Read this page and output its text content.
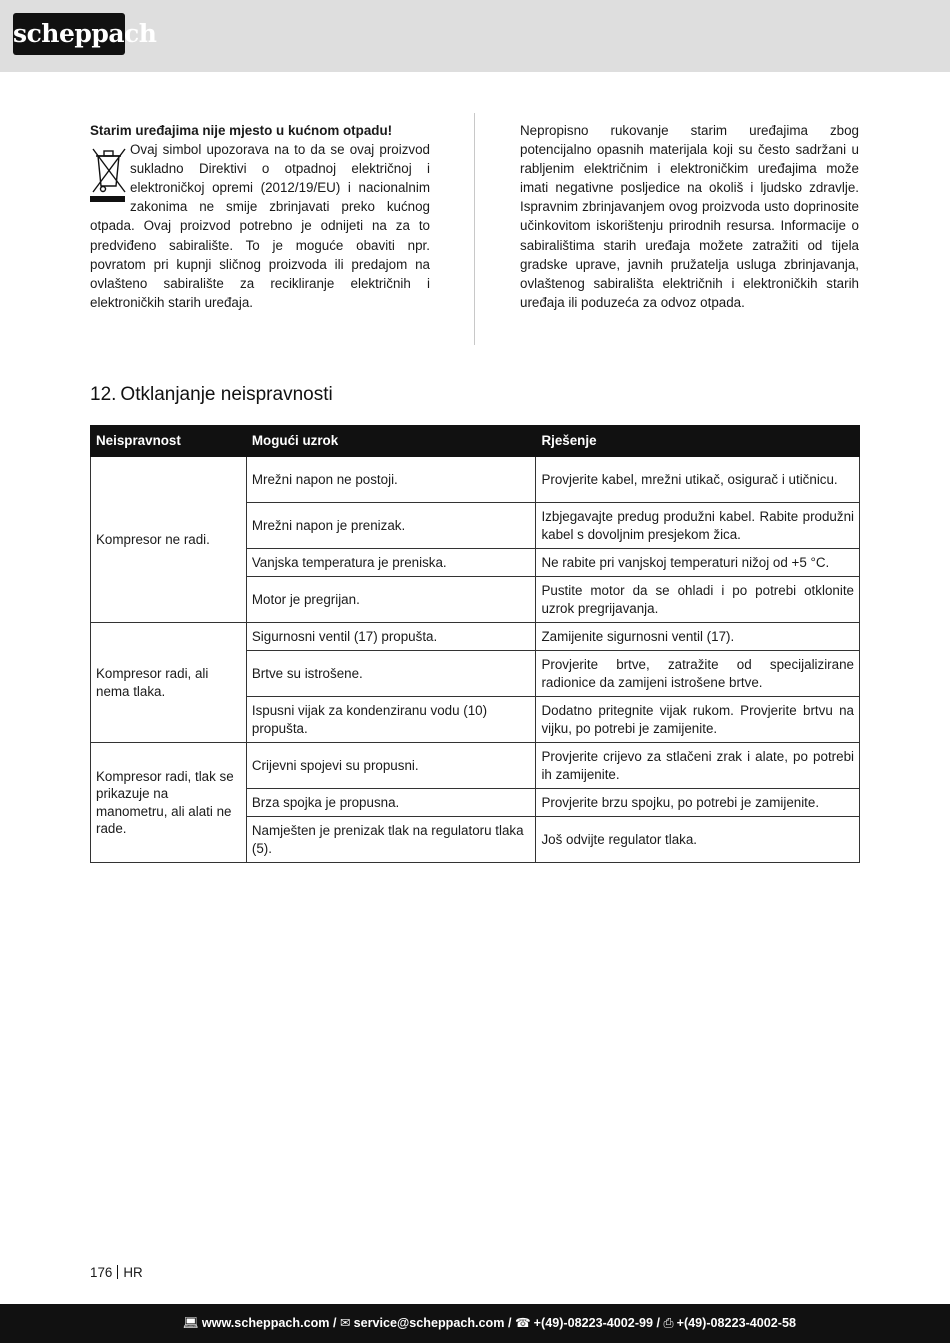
scheppach
Starim uređajima nije mjesto u kućnom otpadu!
Ovaj simbol upozorava na to da se ovaj proizvod sukladno Direktivi o otpadnoj električnoj i elektroničkoj opremi (2012/19/EU) i nacionalnim zakonima ne smije zbrinjavati preko kućnog otpada. Ovaj proizvod potrebno je odnijeti na za to predviđeno sabiralište. To je moguće obaviti npr. povratom pri kupnji sličnog proizvoda ili predajom na ovlašteno sabiralište za recikliranje električnih i elektroničkih starih uređaja.
Nepropisno rukovanje starim uređajima zbog potencijalno opasnih materijala koji su često sadržani u rabljenim električnim i elektroničkim uređajima može imati negativne posljedice na okoliš i ljudsko zdravlje. Ispravnim zbrinjavanjem ovog proizvoda usto doprinosite učinkovitom iskorištenju prirodnih resursa. Informacije o sabiralištima starih uređaja možete zatražiti od tijela gradske uprave, javnih pružatelja usluga zbrinjavanja, ovlaštenog sabirališta električnih i elektroničkih starih uređaja ili poduzeća za odvoz otpada.
12. Otklanjanje neispravnosti
Neispravnost	Mogući uzrok	Rješenje
Kompresor ne radi.	Mrežni napon ne postoji.	Provjerite kabel, mrežni utikač, osigurač i utičnicu.
	Mrežni napon je prenizak.	Izbjegavajte predug produžni kabel. Rabite produžni kabel s dovoljnim presjekom žica.
	Vanjska temperatura je preniska.	Ne rabite pri vanjskoj temperaturi nižoj od +5 °C.
	Motor je pregrijan.	Pustite motor da se ohladi i po potrebi otklonite uzrok pregrijavanja.
Kompresor radi, ali nema tlaka.	Sigurnosni ventil (17) propušta.	Zamijenite sigurnosni ventil (17).
	Brtve su istrošene.	Provjerite brtve, zatražite od specijalizirane radionice da zamijeni istrošene brtve.
	Ispusni vijak za kondenziranu vodu (10) propušta.	Dodatno pritegnite vijak rukom. Provjerite brtvu na vijku, po potrebi je zamijenite.
Kompresor radi, tlak se prikazuje na manometru, ali alati ne rade.	Crijevni spojevi su propusni.	Provjerite crijevo za stlačeni zrak i alate, po potrebi ih zamijenite.
	Brza spojka je propusna.	Provjerite brzu spojku, po potrebi je zamijenite.
	Namješten je prenizak tlak na regulatoru tlaka (5).	Još odvijte regulator tlaka.
176 HR
💻︎ www.scheppach.com / ✉︎ service@scheppach.com / ☎︎ +(49)-08223-4002-99 / ⎙ +(49)-08223-4002-58
